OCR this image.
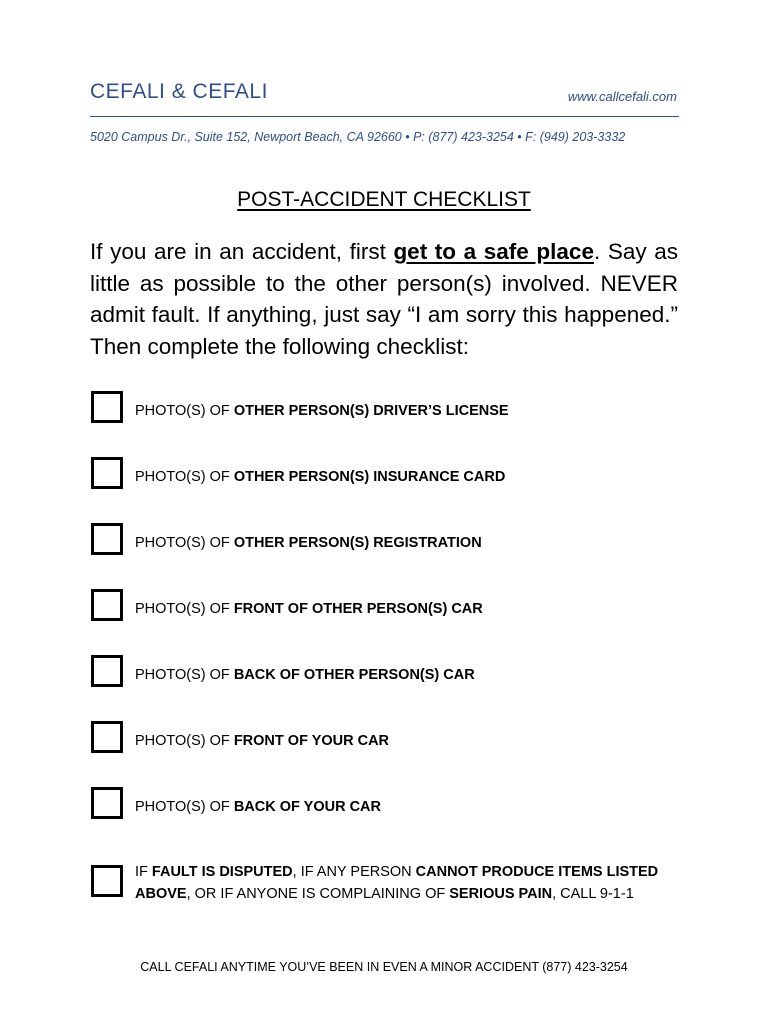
CEFALI & CEFALI	www.callcefali.com
5020 Campus Dr., Suite 152, Newport Beach, CA 92660 • P: (877) 423-3254 • F: (949) 203-3332
POST-ACCIDENT CHECKLIST

If you are in an accident, first get to a safe place. Say as little as possible to the other person(s) involved. NEVER admit fault. If anything, just say “I am sorry this happened.” Then complete the following checklist:

PHOTO(S) OF OTHER PERSON(S) DRIVER’S LICENSE
PHOTO(S) OF OTHER PERSON(S) INSURANCE CARD
PHOTO(S) OF OTHER PERSON(S) REGISTRATION
PHOTO(S) OF FRONT OF OTHER PERSON(S) CAR
PHOTO(S) OF BACK OF OTHER PERSON(S) CAR
PHOTO(S) OF FRONT OF YOUR CAR
PHOTO(S) OF BACK OF YOUR CAR
IF FAULT IS DISPUTED, IF ANY PERSON CANNOT PRODUCE ITEMS LISTED ABOVE, OR IF ANYONE IS COMPLAINING OF SERIOUS PAIN, CALL 9-1-1
CALL CEFALI ANYTIME YOU’VE BEEN IN EVEN A MINOR ACCIDENT (877) 423-3254
